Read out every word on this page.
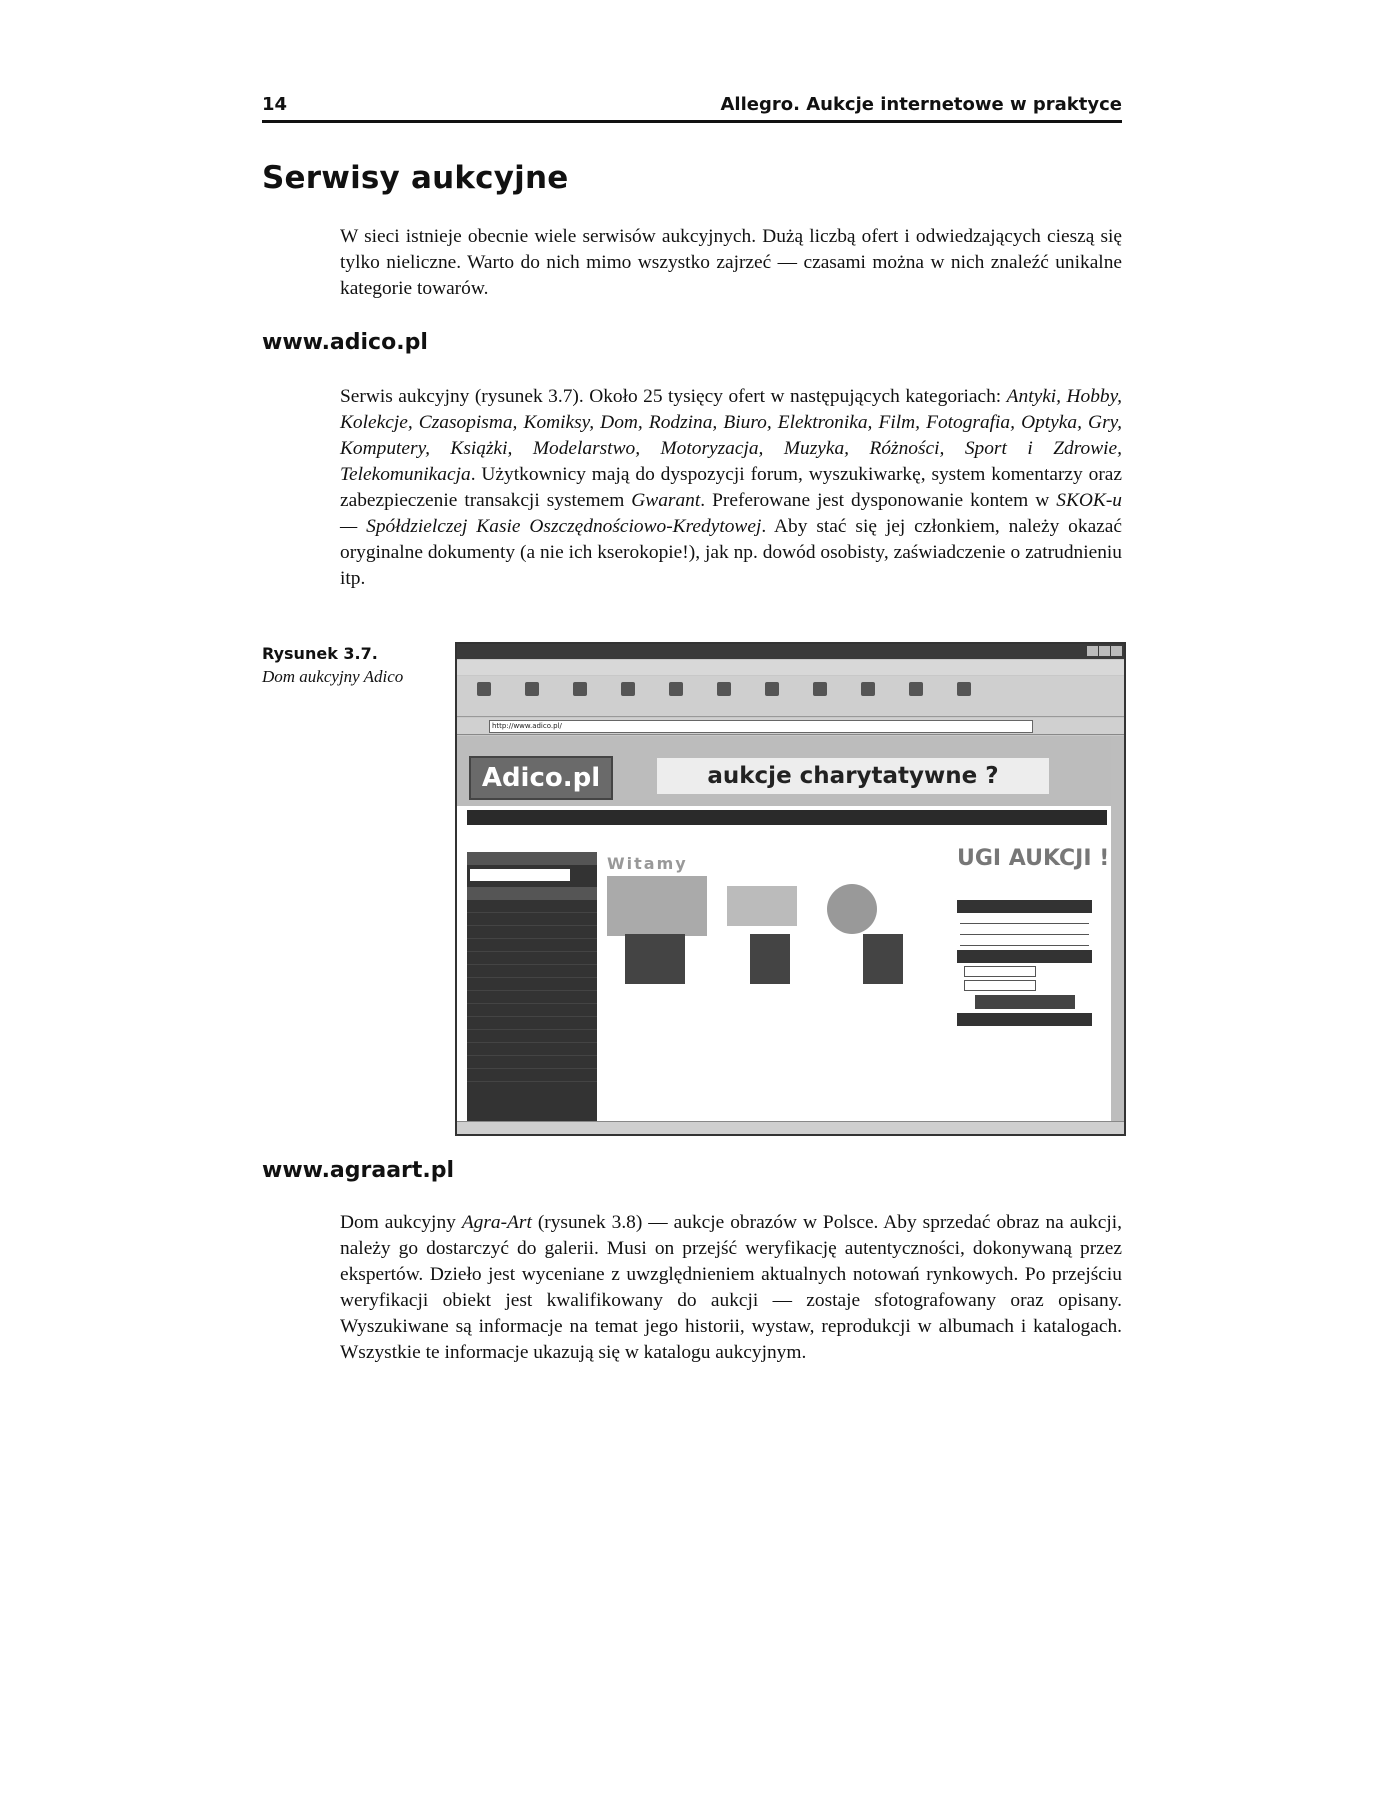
14	Allegro. Aukcje internetowe w praktyce
Serwisy aukcyjne

W sieci istnieje obecnie wiele serwisów aukcyjnych. Dużą liczbą ofert i odwiedzających cieszą się tylko nieliczne. Warto do nich mimo wszystko zajrzeć — czasami można w nich znaleźć unikalne kategorie towarów.

www.adico.pl

Serwis aukcyjny (rysunek 3.7). Około 25 tysięcy ofert w następujących kategoriach: Antyki, Hobby, Kolekcje, Czasopisma, Komiksy, Dom, Rodzina, Biuro, Elektronika, Film, Fotografia, Optyka, Gry, Komputery, Książki, Modelarstwo, Motoryzacja, Muzyka, Różności, Sport i Zdrowie, Telekomunikacja. Użytkownicy mają do dyspozycji forum, wyszukiwarkę, system komentarzy oraz zabezpieczenie transakcji systemem Gwarant. Preferowane jest dysponowanie kontem w SKOK-u — Spółdzielczej Kasie Oszczędnościowo-Kredytowej. Aby stać się jej członkiem, należy okazać oryginalne dokumenty (a nie ich kserokopie!), jak np. dowód osobisty, zaświadczenie o zatrudnieniu itp.

Rysunek 3.7.
Dom aukcyjny Adico
http://www.adico.pl/
Adico.pl	aukcje charytatywne ?
Witamy	UGI AUKCJI !
www.agraart.pl

Dom aukcyjny Agra-Art (rysunek 3.8) — aukcje obrazów w Polsce. Aby sprzedać obraz na aukcji, należy go dostarczyć do galerii. Musi on przejść weryfikację autentyczności, dokonywaną przez ekspertów. Dzieło jest wyceniane z uwzględnieniem aktualnych notowań rynkowych. Po przejściu weryfikacji obiekt jest kwalifikowany do aukcji — zostaje sfotografowany oraz opisany. Wyszukiwane są informacje na temat jego historii, wystaw, reprodukcji w albumach i katalogach. Wszystkie te informacje ukazują się w katalogu aukcyjnym.
